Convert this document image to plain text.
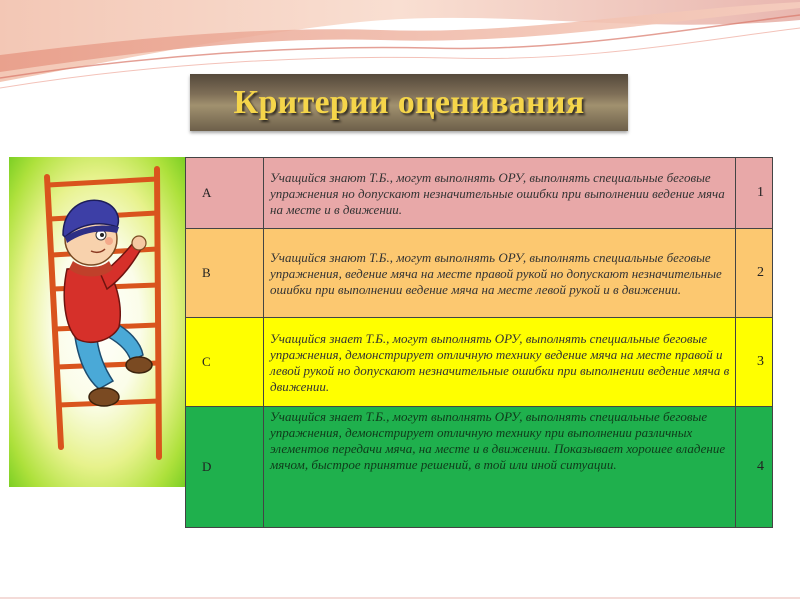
Критерии оценивания
A	Учащийся знают Т.Б., могут выполнять ОРУ, выполнять специальные беговые упражнения но допускают незначительные ошибки при выполнении ведение мяча на месте и в движении.	1
B	Учащийся знают Т.Б., могут выполнять ОРУ, выполнять специальные беговые упражнения, ведение мяча на месте правой рукой но допускают незначительные ошибки при выполнении ведение мяча на месте левой рукой и в движении.	2
C	Учащийся знает Т.Б., могут выполнять ОРУ, выполнять специальные беговые упражнения, демонстрирует отличную технику ведение мяча на месте правой и левой рукой но допускают незначительные ошибки при выполнении ведение мяча в движении.	3
D	Учащийся знает Т.Б., могут выполнять ОРУ, выполнять специальные беговые упражнения, демонстрирует отличную технику при выполнении различных элементов передачи мяча, на месте и в движении. Показывает хорошее владение мячом, быстрое принятие решений, в той или иной ситуации.	4
